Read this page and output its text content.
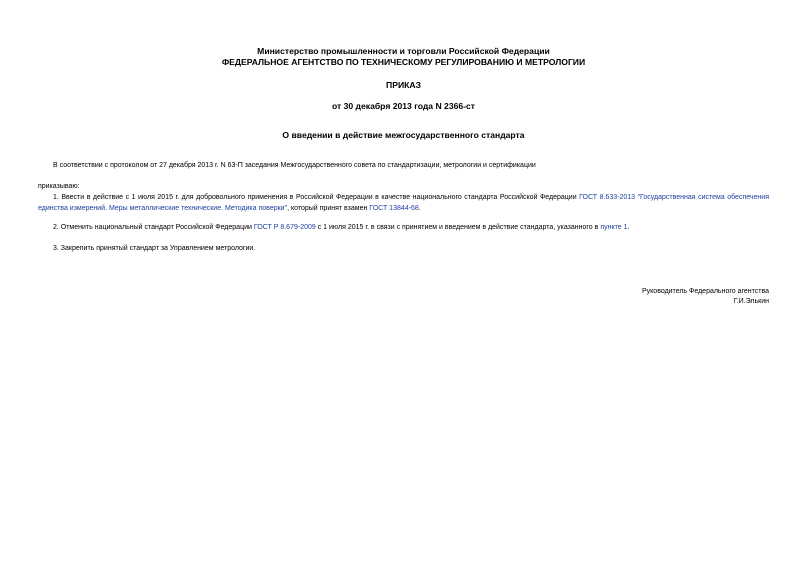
Министерство промышленности и торговли Российской Федерации
ФЕДЕРАЛЬНОЕ АГЕНТСТВО ПО ТЕХНИЧЕСКОМУ РЕГУЛИРОВАНИЮ И МЕТРОЛОГИИ
ПРИКАЗ
от 30 декабря 2013 года N 2366-ст
О введении в действие межгосударственного стандарта
В соответствии с протоколом от 27 декабря 2013 г. N 63-П заседания Межгосударственного совета по стандартизации, метрологии и сертификации
приказываю:
1. Ввести в действие с 1 июля 2015 г. для добровольного применения в Российской Федерации в качестве национального стандарта Российской Федерации ГОСТ 8.633-2013 "Государственная система обеспечения единства измерений. Меры металлические технические. Методика поверки", который принят взамен ГОСТ 13844-68.
2. Отменить национальный стандарт Российской Федерации ГОСТ Р 8.679-2009 с 1 июля 2015 г. в связи с принятием и введением в действие стандарта, указанного в пункте 1.
3. Закрепить принятый стандарт за Управлением метрологии.
Руководитель Федерального агентства
Г.И.Элькин
